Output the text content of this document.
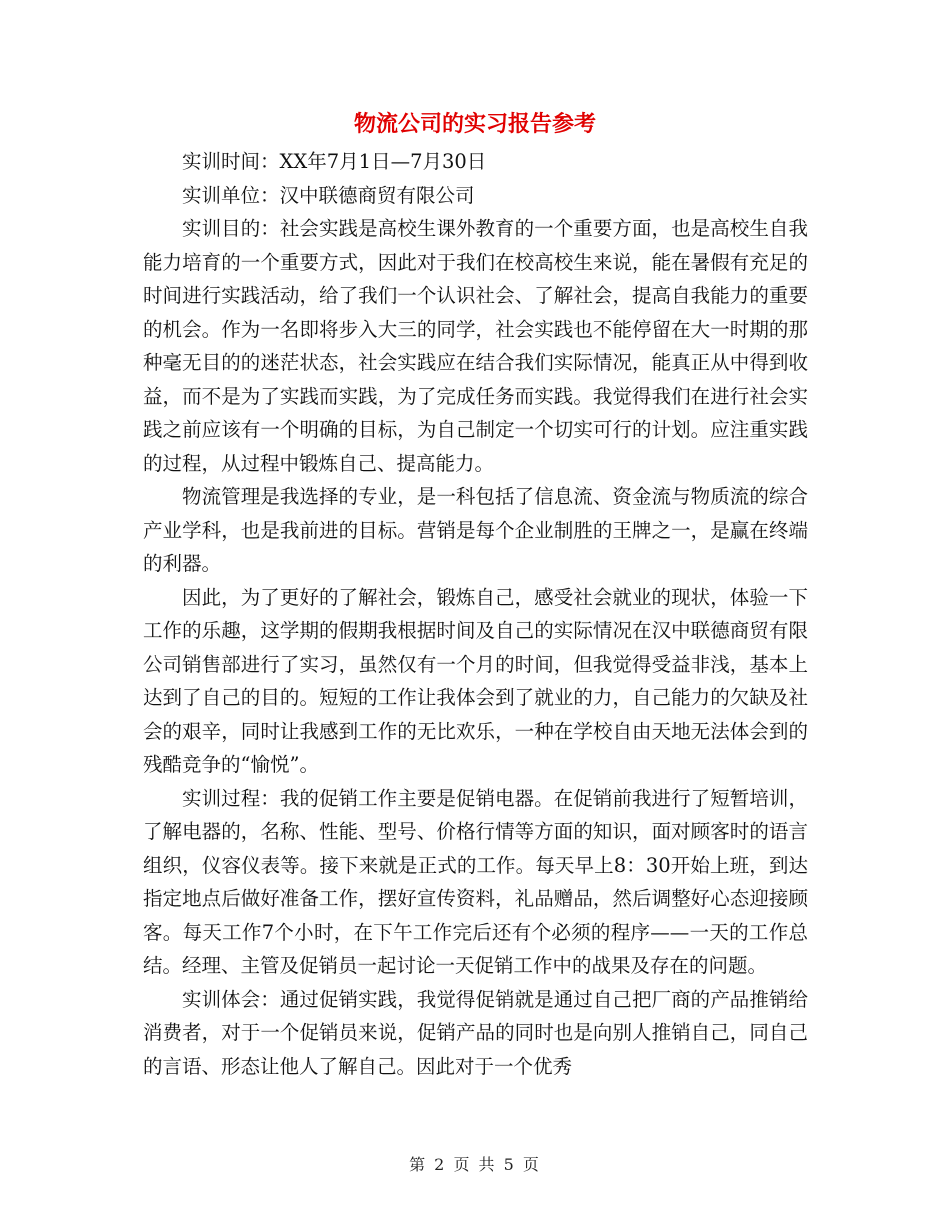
物流公司的实习报告参考

实训时间：XX年7月1日—7月30日

实训单位：汉中联德商贸有限公司

实训目的：社会实践是高校生课外教育的一个重要方面，也是高校生自我能力培育的一个重要方式，因此对于我们在校高校生来说，能在暑假有充足的时间进行实践活动，给了我们一个认识社会、了解社会，提高自我能力的重要的机会。作为一名即将步入大三的同学，社会实践也不能停留在大一时期的那种毫无目的的迷茫状态，社会实践应在结合我们实际情况，能真正从中得到收益，而不是为了实践而实践，为了完成任务而实践。我觉得我们在进行社会实践之前应该有一个明确的目标，为自己制定一个切实可行的计划。应注重实践的过程，从过程中锻炼自己、提高能力。

物流管理是我选择的专业，是一科包括了信息流、资金流与物质流的综合产业学科，也是我前进的目标。营销是每个企业制胜的王牌之一，是赢在终端的利器。

因此，为了更好的了解社会，锻炼自己，感受社会就业的现状，体验一下工作的乐趣，这学期的假期我根据时间及自己的实际情况在汉中联德商贸有限公司销售部进行了实习，虽然仅有一个月的时间，但我觉得受益非浅，基本上达到了自己的目的。短短的工作让我体会到了就业的力，自己能力的欠缺及社会的艰辛，同时让我感到工作的无比欢乐，一种在学校自由天地无法体会到的残酷竞争的“愉悦”。

实训过程：我的促销工作主要是促销电器。在促销前我进行了短暂培训，了解电器的，名称、性能、型号、价格行情等方面的知识，面对顾客时的语言组织，仪容仪表等。接下来就是正式的工作。每天早上8：30开始上班，到达指定地点后做好准备工作，摆好宣传资料，礼品赠品，然后调整好心态迎接顾客。每天工作7个小时，在下午工作完后还有个必须的程序——一天的工作总结。经理、主管及促销员一起讨论一天促销工作中的战果及存在的问题。

实训体会：通过促销实践，我觉得促销就是通过自己把厂商的产品推销给消费者，对于一个促销员来说，促销产品的同时也是向别人推销自己，同自己的言语、形态让他人了解自己。因此对于一个优秀

第 2 页 共 5 页
